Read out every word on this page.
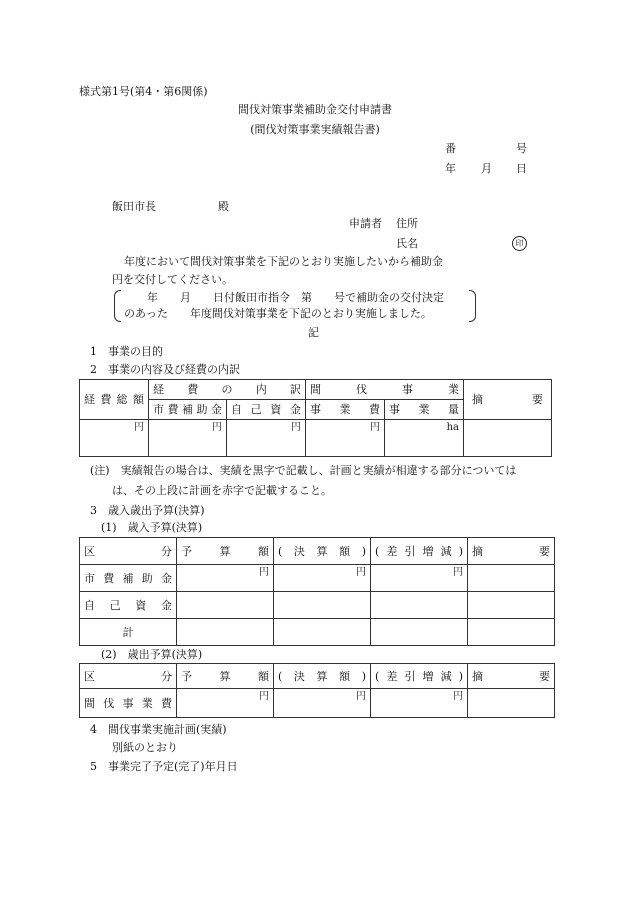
様式第1号(第4・第6関係)
間伐対策事業補助金交付申請書
(間伐対策事業実績報告書)
番	号
年 月 日
飯田市長	殿
申請者 住所
氏名	印
年度において間伐対策事業を下記のとおり実施したいから補助金
円を交付してください。
年　　月　　日付飯田市指令　第　　号で補助金の交付決定
のあった　　年度間伐対策事業を下記のとおり実施しました。
記
1　事業の目的
2　事業の内容及び経費の内訳
経費総額	経費の内訳		間伐事業		摘要

	市費補助金	自己資金	事業費	事業量	

円	円	円	円	ha	
(注)　実績報告の場合は、実績を黒字で記載し、計画と実績が相違する部分については
は、その上段に計画を赤字で記載すること。
3　歳入歳出予算(決算)
(1)　歳入予算(決算)
区分	予算額	(決算額)	(差引増減)	摘要

市費補助金	円	円	円	

自己資金				

計				
(2)　歳出予算(決算)
区分	予算額	(決算額)	(差引増減)	摘要

間伐事業費	円	円	円	
4　間伐事業実施計画(実績)
別紙のとおり
5　事業完了予定(完了)年月日
